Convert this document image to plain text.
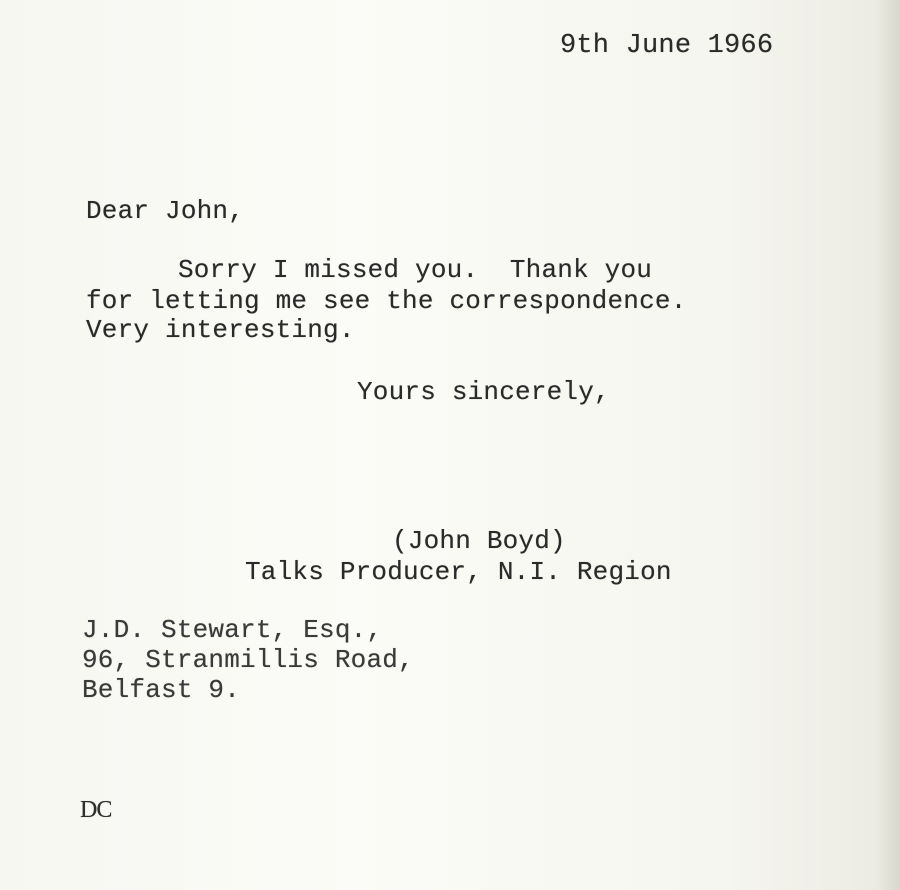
9th June 1966

Dear John,

Sorry I missed you.  Thank you

for letting me see the correspondence.

Very interesting.

Yours sincerely,

(John Boyd)

Talks Producer, N.I. Region

J.D. Stewart, Esq.,

96, Stranmillis Road,

Belfast 9.

DC
